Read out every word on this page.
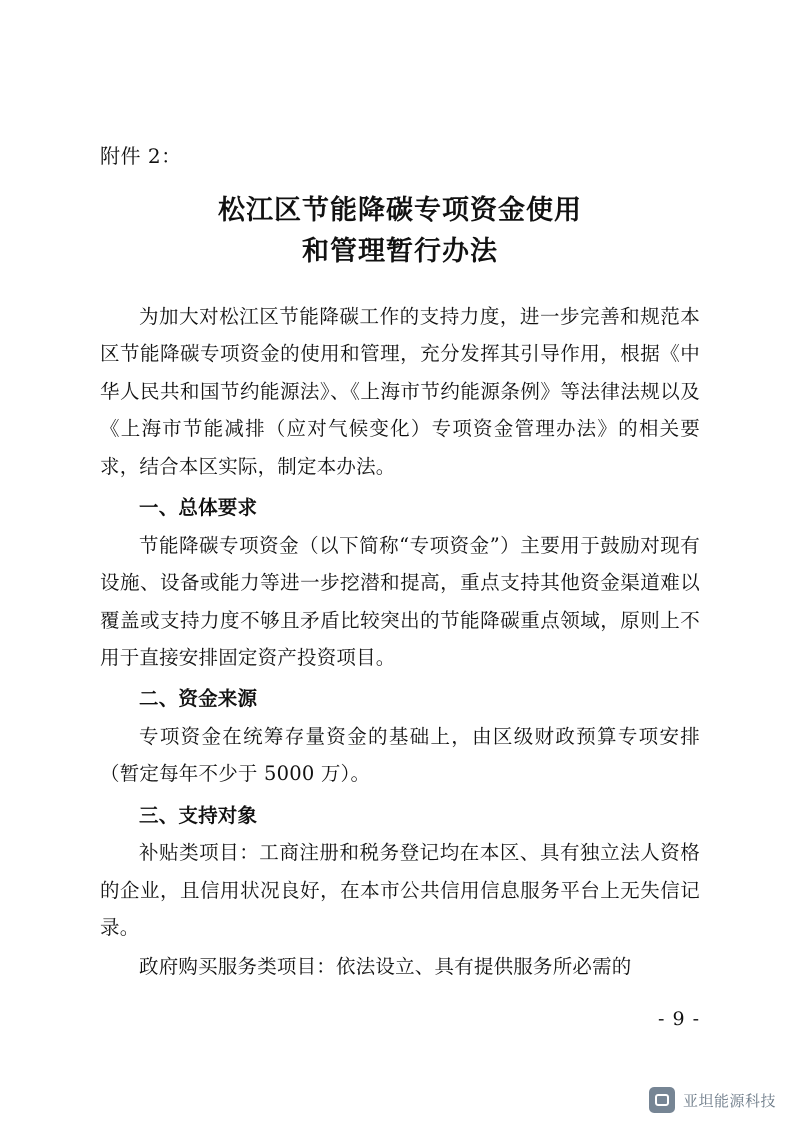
附件 2：
松江区节能降碳专项资金使用
和管理暂行办法

为加大对松江区节能降碳工作的支持力度，进一步完善和规范本区节能降碳专项资金的使用和管理，充分发挥其引导作用，根据《中华人民共和国节约能源法》、《上海市节约能源条例》等法律法规以及《上海市节能减排（应对气候变化）专项资金管理办法》的相关要求，结合本区实际，制定本办法。

一、总体要求

节能降碳专项资金（以下简称“专项资金”）主要用于鼓励对现有设施、设备或能力等进一步挖潜和提高，重点支持其他资金渠道难以覆盖或支持力度不够且矛盾比较突出的节能降碳重点领域，原则上不用于直接安排固定资产投资项目。

二、资金来源

专项资金在统筹存量资金的基础上，由区级财政预算专项安排（暂定每年不少于 5000 万）。

三、支持对象

补贴类项目：工商注册和税务登记均在本区、具有独立法人资格的企业，且信用状况良好，在本市公共信用信息服务平台上无失信记录。

政府购买服务类项目：依法设立、具有提供服务所必需的

- 9 -
亚坦能源科技
